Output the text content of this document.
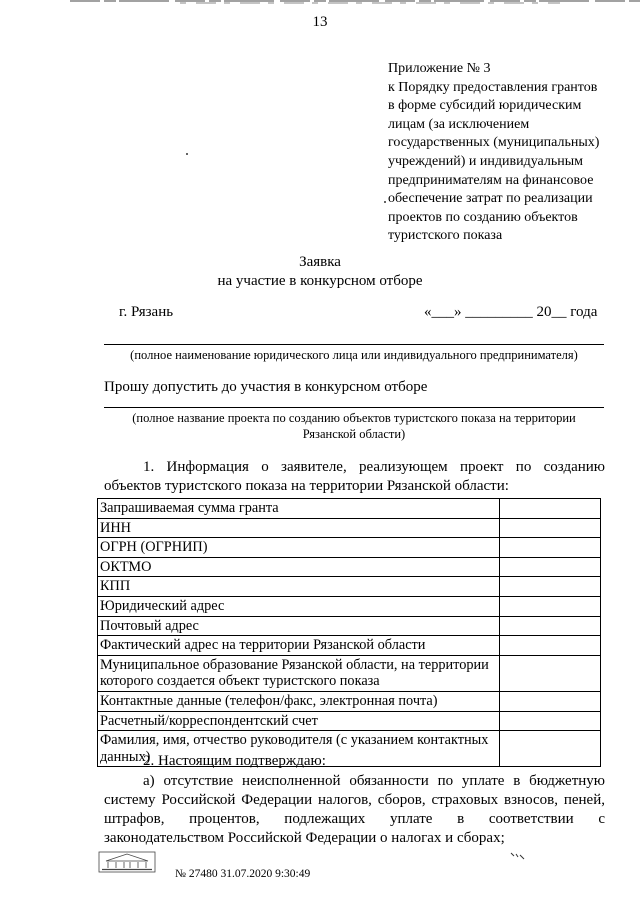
13
Приложение № 3
к Порядку предоставления грантов
в форме субсидий юридическим
лицам (за исключением
государственных (муниципальных)
учреждений) и индивидуальным
предпринимателям на финансовое
обеспечение затрат по реализации
проектов по созданию объектов
туристского показа
Заявка
на участие в конкурсном отборе
г. Рязань	«___» _________ 20__ года
(полное наименование юридического лица или индивидуального предпринимателя)
Прошу допустить до участия в конкурсном отборе
(полное название проекта по созданию объектов туристского показа на территории
Рязанской области)
1. Информация о заявителе, реализующем проект по созданию
объектов туристского показа на территории Рязанской области:
Запрашиваемая сумма гранта	
ИНН	
ОГРН (ОГРНИП)	
ОКТМО	
КПП	
Юридический адрес	
Почтовый адрес	
Фактический адрес на территории Рязанской области	
Муниципальное образование Рязанской области, на территории которого создается объект туристского показа	
Контактные данные (телефон/факс, электронная почта)	
Расчетный/корреспондентский счет	
Фамилия, имя, отчество руководителя (с указанием контактных данных)	
2. Настоящим подтверждаю:
а) отсутствие неисполненной обязанности по уплате в бюджетную
систему Российской Федерации налогов, сборов, страховых взносов, пеней,
штрафов, процентов, подлежащих уплате в соответствии с
законодательством Российской Федерации о налогах и сборах;
№ 27480 31.07.2020 9:30:49
